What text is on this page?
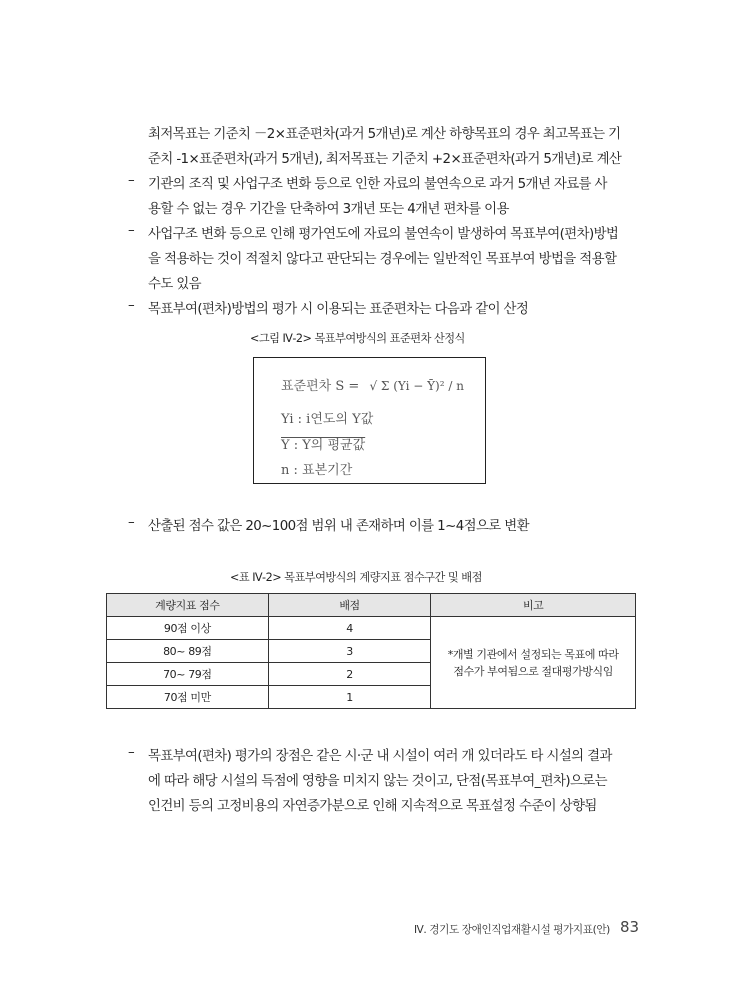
최저목표는 기준치 －2×표준편차(과거 5개년)로 계산 하향목표의 경우 최고목표는 기
준치 -1×표준편차(과거 5개년), 최저목표는 기준치 +2×표준편차(과거 5개년)로 계산
– 기관의 조직 및 사업구조 변화 등으로 인한 자료의 불연속으로 과거 5개년 자료를 사
용할 수 없는 경우 기간을 단축하여 3개년 또는 4개년 편차를 이용
– 사업구조 변화 등으로 인해 평가연도에 자료의 불연속이 발생하여 목표부여(편차)방법
을 적용하는 것이 적절치 않다고 판단되는 경우에는 일반적인 목표부여 방법을 적용할
수도 있음
– 목표부여(편차)방법의 평가 시 이용되는 표준편차는 다음과 같이 산정
<그림 Ⅳ-2> 목표부여방식의 표준편차 산정식
표준편차 S = √ Σ (Yi − Ȳ)² / n
Yi : i연도의 Y값
Y : Y의 평균값
n : 표본기간
– 산출된 점수 값은 20~100점 범위 내 존재하며 이를 1~4점으로 변환
<표 Ⅳ-2> 목표부여방식의 계량지표 점수구간 및 배점
계량지표 점수	배점	비고
90점 이상	4	*개별 기관에서 설정되는 목표에 따라
점수가 부여됨으로 절대평가방식임

80~ 89점	3	
70~ 79점	2	
70점 미만	1	
– 목표부여(편차) 평가의 장점은 같은 시·군 내 시설이 여러 개 있더라도 타 시설의 결과
에 따라 해당 시설의 득점에 영향을 미치지 않는 것이고, 단점(목표부여_편차)으로는
인건비 등의 고정비용의 자연증가분으로 인해 지속적으로 목표설정 수준이 상향됨
Ⅳ. 경기도 장애인직업재활시설 평가지표(안) 83
